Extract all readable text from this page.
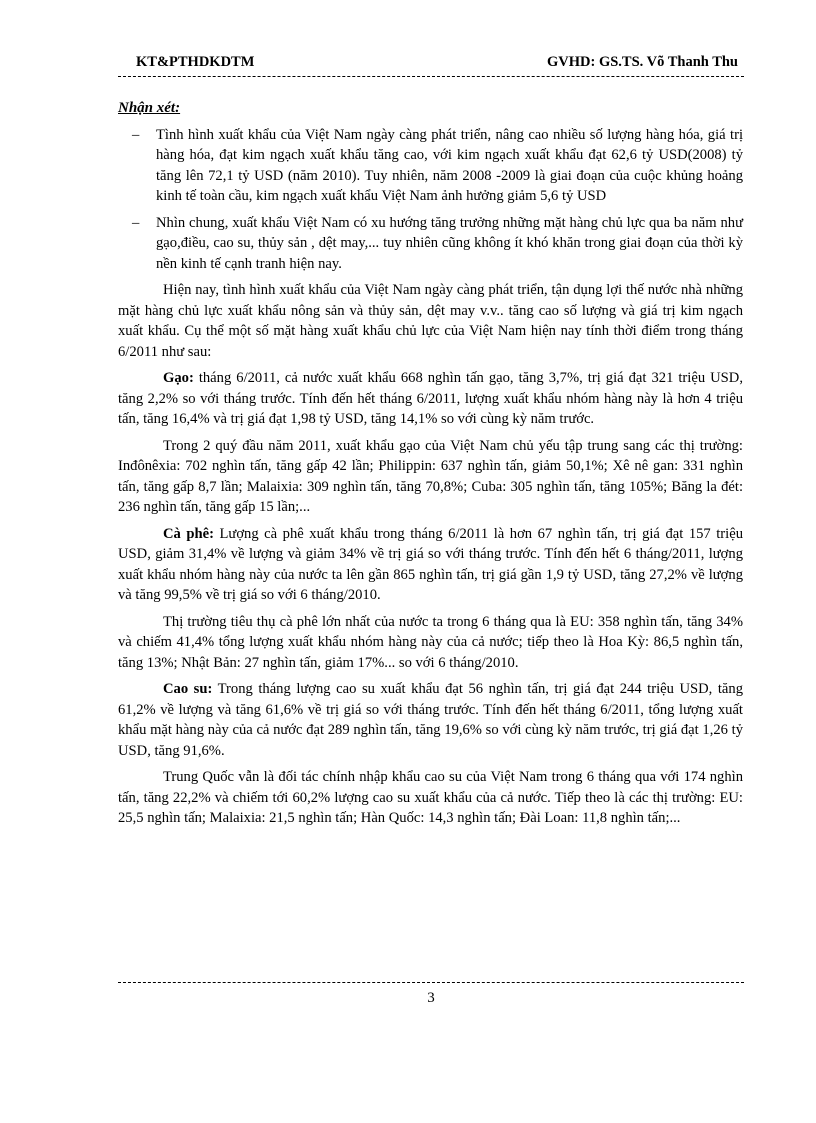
KT&PTHDKDTM	GVHD: GS.TS. Võ Thanh Thu

Nhận xét:

–	Tình hình xuất khẩu của Việt Nam ngày càng phát triển, nâng cao nhiều số lượng hàng hóa, giá trị hàng hóa, đạt kim ngạch xuất khẩu tăng cao, với kim ngạch xuất khẩu đạt 62,6 tỷ USD(2008) tỷ tăng lên 72,1 tỷ USD (năm 2010). Tuy nhiên, năm 2008 -2009 là giai đoạn của cuộc khủng hoảng kinh tế toàn cầu, kim ngạch xuất khẩu Việt Nam ảnh hưởng giảm 5,6 tỷ USD
–	Nhìn chung, xuất khẩu Việt Nam có xu hướng tăng trưởng những mặt hàng chủ lực qua ba năm như gạo,điều, cao su, thủy sản , dệt may,... tuy nhiên cũng không ít khó khăn trong giai đoạn của thời kỳ nền kinh tế cạnh tranh hiện nay.

Hiện nay, tình hình xuất khẩu của Việt Nam ngày càng phát triển, tận dụng lợi thế nước nhà những mặt hàng chủ lực xuất khẩu nông sản và thủy sản, dệt may v.v.. tăng cao số lượng và giá trị kim ngạch xuất khẩu. Cụ thể một số mặt hàng xuất khẩu chủ lực của Việt Nam hiện nay tính thời điểm trong tháng 6/2011 như sau:

Gạo: tháng 6/2011, cả nước xuất khẩu 668 nghìn tấn gạo, tăng 3,7%, trị giá đạt 321 triệu USD, tăng 2,2% so với tháng trước. Tính đến hết tháng 6/2011, lượng xuất khẩu nhóm hàng này là hơn 4 triệu tấn, tăng 16,4% và trị giá đạt 1,98 tỷ USD, tăng 14,1% so với cùng kỳ năm trước.

Trong 2 quý đầu năm 2011, xuất khẩu gạo của Việt Nam chủ yếu tập trung sang các thị trường: Inđônêxia: 702 nghìn tấn, tăng gấp 42 lần; Philippin: 637 nghìn tấn, giảm 50,1%; Xê nê gan: 331 nghìn tấn, tăng gấp 8,7 lần; Malaixia: 309 nghìn tấn, tăng 70,8%; Cuba: 305 nghìn tấn, tăng 105%; Băng la đét: 236 nghìn tấn, tăng gấp 15 lần;...

Cà phê: Lượng cà phê xuất khẩu trong tháng 6/2011 là hơn 67 nghìn tấn, trị giá đạt 157 triệu USD, giảm 31,4% về lượng và giảm 34% về trị giá so với tháng trước. Tính đến hết 6 tháng/2011, lượng xuất khẩu nhóm hàng này của nước ta lên gần 865 nghìn tấn, trị giá gần 1,9 tỷ USD, tăng 27,2% về lượng và tăng 99,5% về trị giá so với 6 tháng/2010.

Thị trường tiêu thụ cà phê lớn nhất của nước ta trong 6 tháng qua là EU: 358 nghìn tấn, tăng 34% và chiếm 41,4% tổng lượng xuất khẩu nhóm hàng này của cả nước; tiếp theo là Hoa Kỳ: 86,5 nghìn tấn, tăng 13%; Nhật Bản: 27 nghìn tấn, giảm 17%... so với 6 tháng/2010.

Cao su: Trong tháng lượng cao su xuất khẩu đạt 56 nghìn tấn, trị giá đạt 244 triệu USD, tăng 61,2% về lượng và tăng 61,6% về trị giá so với tháng trước. Tính đến hết tháng 6/2011, tổng lượng xuất khẩu mặt hàng này của cả nước đạt 289 nghìn tấn, tăng 19,6% so với cùng kỳ năm trước, trị giá đạt 1,26 tỷ USD, tăng 91,6%.

Trung Quốc vẫn là đối tác chính nhập khẩu cao su của Việt Nam trong 6 tháng qua với 174 nghìn tấn, tăng 22,2% và chiếm tới 60,2% lượng cao su xuất khẩu của cả nước. Tiếp theo là các thị trường: EU: 25,5 nghìn tấn; Malaixia: 21,5 nghìn tấn; Hàn Quốc: 14,3 nghìn tấn; Đài Loan: 11,8 nghìn tấn;...

3
